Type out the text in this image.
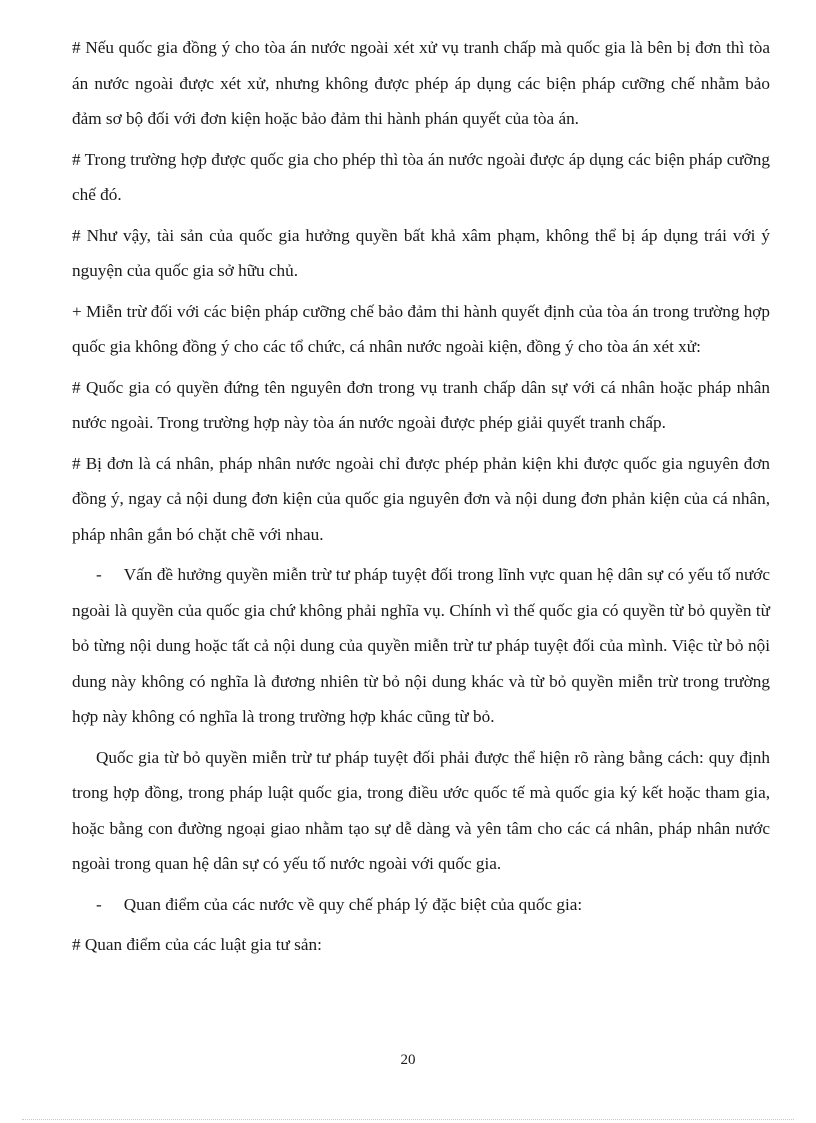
# Nếu quốc gia đồng ý cho tòa án nước ngoài xét xử vụ tranh chấp mà quốc gia là bên bị đơn thì tòa án nước ngoài được xét xử, nhưng không được phép áp dụng các biện pháp cưỡng chế nhằm bảo đảm sơ bộ đối với đơn kiện hoặc bảo đảm thi hành phán quyết của tòa án.

# Trong trường hợp được quốc gia cho phép thì tòa án nước ngoài được áp dụng các biện pháp cưỡng chế đó.

# Như vậy, tài sản của quốc gia hưởng quyền bất khả xâm phạm, không thể bị áp dụng trái với ý nguyện của quốc gia sở hữu chủ.

+ Miễn trừ đối với các biện pháp cưỡng chế bảo đảm thi hành quyết định của tòa án trong trường hợp quốc gia không đồng ý cho các tổ chức, cá nhân nước ngoài kiện, đồng ý cho tòa án xét xử:

# Quốc gia có quyền đứng tên nguyên đơn trong vụ tranh chấp dân sự với cá nhân hoặc pháp nhân nước ngoài. Trong trường hợp này tòa án nước ngoài được phép giải quyết tranh chấp.

# Bị đơn là cá nhân, pháp nhân nước ngoài chỉ được phép phản kiện khi được quốc gia nguyên đơn đồng ý, ngay cả nội dung đơn kiện của quốc gia nguyên đơn và nội dung đơn phản kiện của cá nhân, pháp nhân gắn bó chặt chẽ với nhau.

- Vấn đề hưởng quyền miễn trừ tư pháp tuyệt đối trong lĩnh vực quan hệ dân sự có yếu tố nước ngoài là quyền của quốc gia chứ không phải nghĩa vụ. Chính vì thế quốc gia có quyền từ bỏ quyền từ bỏ từng nội dung hoặc tất cả nội dung của quyền miễn trừ tư pháp tuyệt đối của mình. Việc từ bỏ nội dung này không có nghĩa là đương nhiên từ bỏ nội dung khác và từ bỏ quyền miễn trừ trong trường hợp này không có nghĩa là trong trường hợp khác cũng từ bỏ.

Quốc gia từ bỏ quyền miễn trừ tư pháp tuyệt đối phải được thể hiện rõ ràng bằng cách: quy định trong hợp đồng, trong pháp luật quốc gia, trong điều ước quốc tế mà quốc gia ký kết hoặc tham gia, hoặc bằng con đường ngoại giao nhằm tạo sự dễ dàng và yên tâm cho các cá nhân, pháp nhân nước ngoài trong quan hệ dân sự có yếu tố nước ngoài với quốc gia.

- Quan điểm của các nước về quy chế pháp lý đặc biệt của quốc gia:

# Quan điểm của các luật gia tư sản:

20
